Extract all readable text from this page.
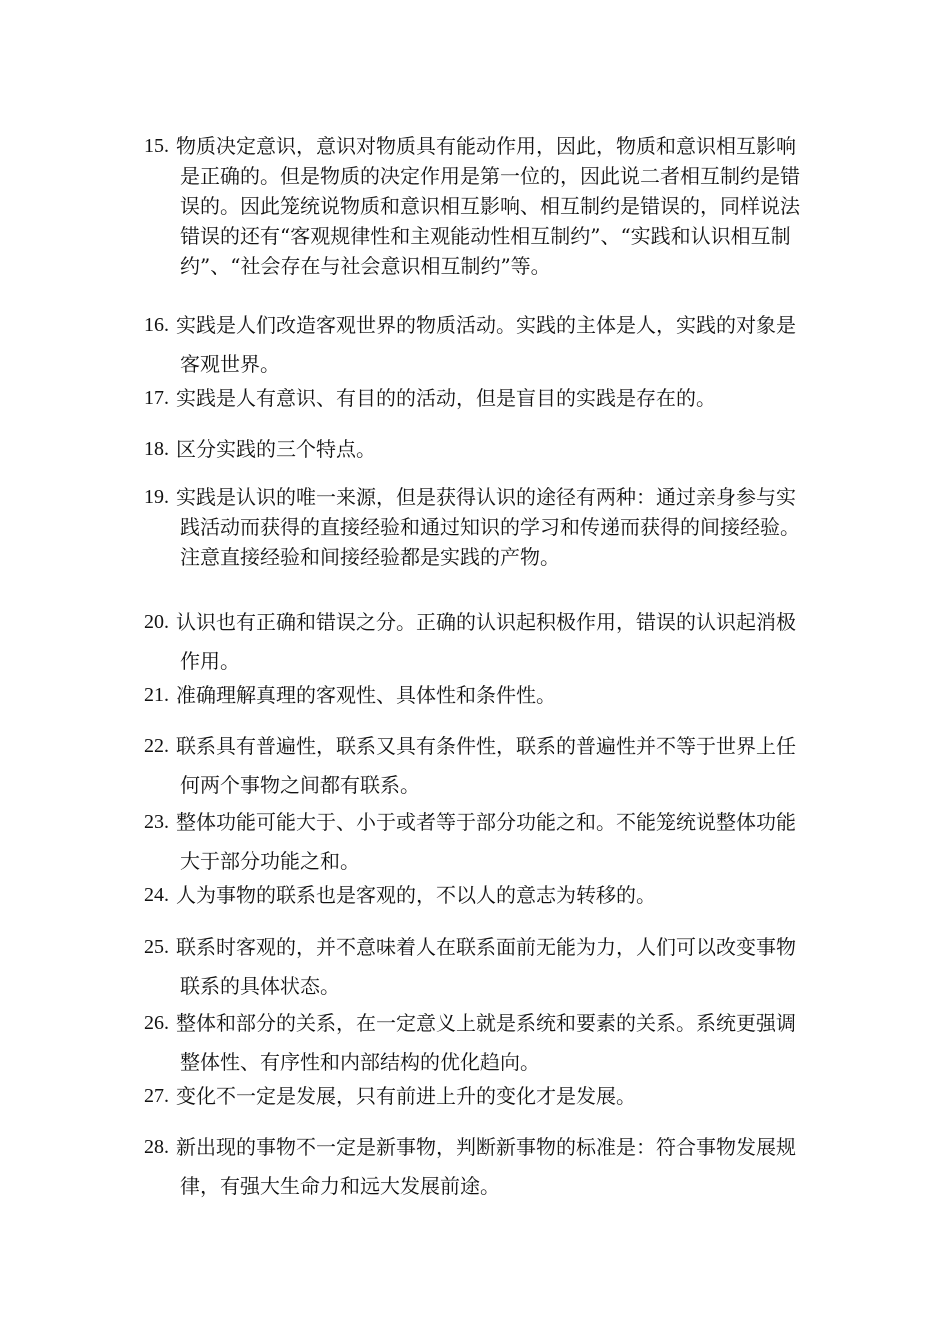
15. 物质决定意识，意识对物质具有能动作用，因此，物质和意识相互影响是正确的。但是物质的决定作用是第一位的，因此说二者相互制约是错误的。因此笼统说物质和意识相互影响、相互制约是错误的，同样说法错误的还有“客观规律性和主观能动性相互制约”、“实践和认识相互制约”、“社会存在与社会意识相互制约”等。
16. 实践是人们改造客观世界的物质活动。实践的主体是人，实践的对象是客观世界。
17. 实践是人有意识、有目的的活动，但是盲目的实践是存在的。
18. 区分实践的三个特点。
19. 实践是认识的唯一来源，但是获得认识的途径有两种：通过亲身参与实践活动而获得的直接经验和通过知识的学习和传递而获得的间接经验。注意直接经验和间接经验都是实践的产物。
20. 认识也有正确和错误之分。正确的认识起积极作用，错误的认识起消极作用。
21. 准确理解真理的客观性、具体性和条件性。
22. 联系具有普遍性，联系又具有条件性，联系的普遍性并不等于世界上任何两个事物之间都有联系。
23. 整体功能可能大于、小于或者等于部分功能之和。不能笼统说整体功能大于部分功能之和。
24. 人为事物的联系也是客观的，不以人的意志为转移的。
25. 联系时客观的，并不意味着人在联系面前无能为力，人们可以改变事物联系的具体状态。
26. 整体和部分的关系，在一定意义上就是系统和要素的关系。系统更强调整体性、有序性和内部结构的优化趋向。
27. 变化不一定是发展，只有前进上升的变化才是发展。
28. 新出现的事物不一定是新事物，判断新事物的标准是：符合事物发展规律，有强大生命力和远大发展前途。
